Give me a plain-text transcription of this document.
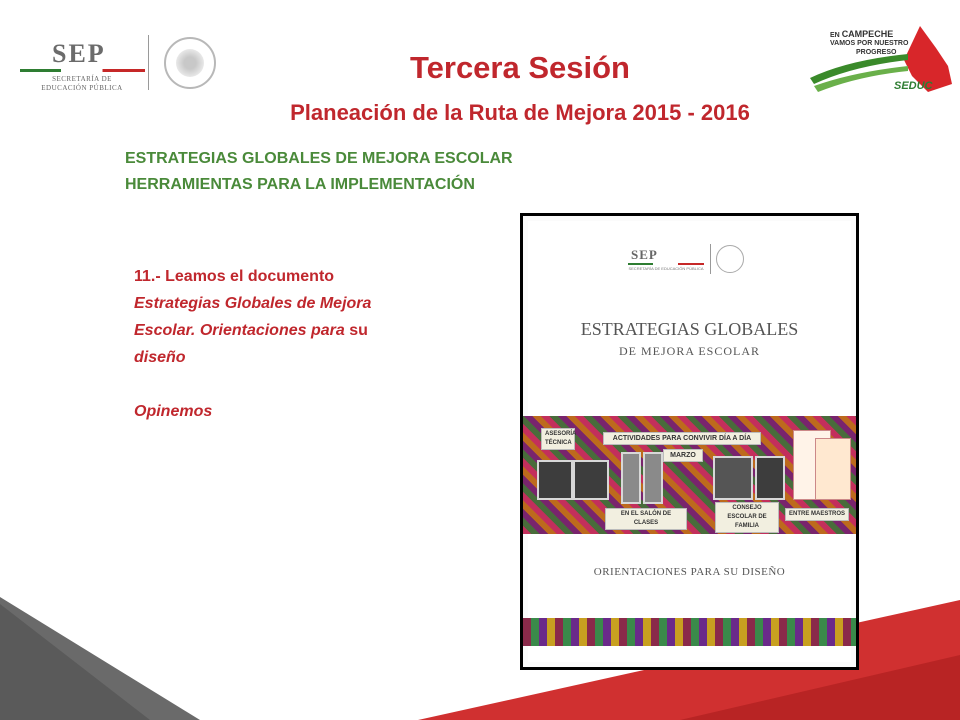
SEP
SECRETARÍA DE
EDUCACIÓN PÚBLICA
EN CAMPECHE
VAMOS POR NUESTRO
PROGRESO
SEDUC
Tercera Sesión
Planeación de la Ruta de Mejora 2015 - 2016
ESTRATEGIAS GLOBALES DE MEJORA ESCOLAR
HERRAMIENTAS PARA LA IMPLEMENTACIÓN
11.- Leamos el documento
Estrategias Globales de Mejora
Escolar. Orientaciones para su
diseño
Opinemos
SEP
SECRETARÍA DE EDUCACIÓN PÚBLICA
ESTRATEGIAS GLOBALES
DE MEJORA ESCOLAR
ASESORÍA TÉCNICA
ACTIVIDADES PARA CONVIVIR DÍA A DÍA
MARZO
EN EL SALÓN DE CLASES
CONSEJO ESCOLAR DE FAMILIA
ENTRE MAESTROS
ORIENTACIONES PARA SU DISEÑO
